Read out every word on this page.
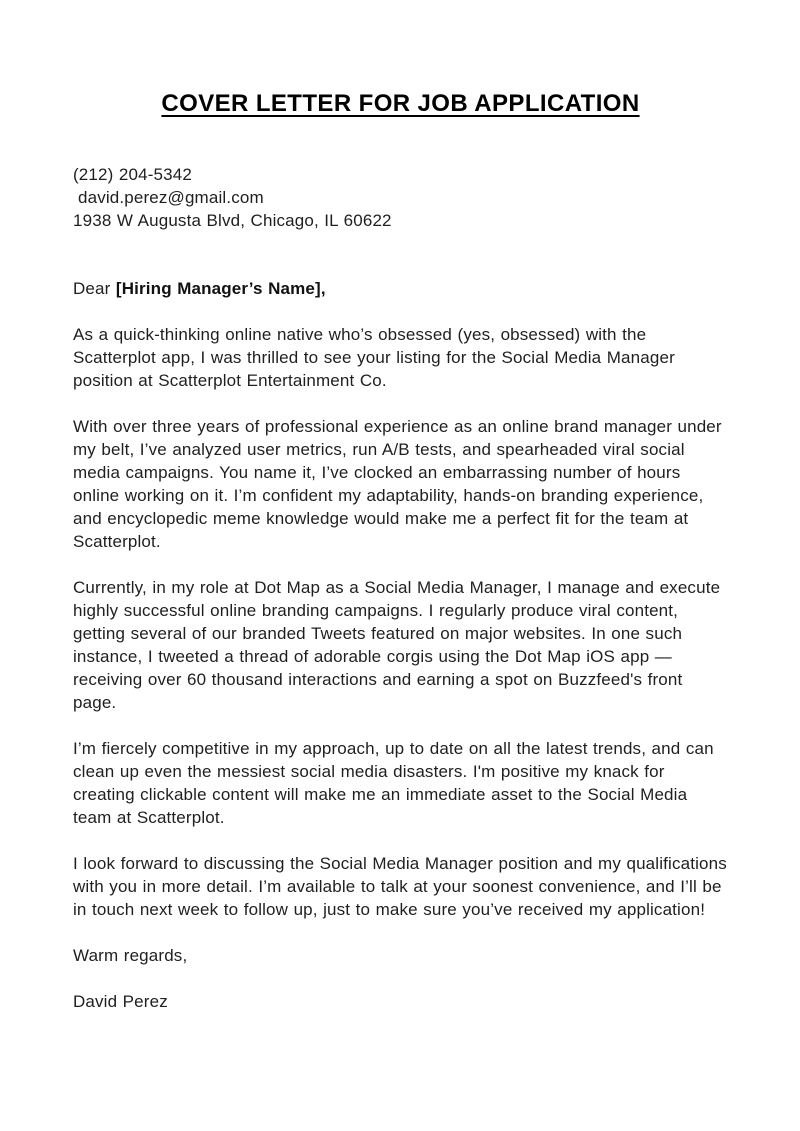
COVER LETTER FOR JOB APPLICATION
(212) 204-5342
david.perez@gmail.com
1938 W Augusta Blvd, Chicago, IL 60622

Dear [Hiring Manager’s Name],

As a quick-thinking online native who’s obsessed (yes, obsessed) with the Scatterplot app, I was thrilled to see your listing for the Social Media Manager position at Scatterplot Entertainment Co.

With over three years of professional experience as an online brand manager under my belt, I’ve analyzed user metrics, run A/B tests, and spearheaded viral social media campaigns. You name it, I’ve clocked an embarrassing number of hours online working on it. I’m confident my adaptability, hands-on branding experience, and encyclopedic meme knowledge would make me a perfect fit for the team at Scatterplot.

Currently, in my role at Dot Map as a Social Media Manager, I manage and execute highly successful online branding campaigns. I regularly produce viral content, getting several of our branded Tweets featured on major websites. In one such instance, I tweeted a thread of adorable corgis using the Dot Map iOS app — receiving over 60 thousand interactions and earning a spot on Buzzfeed's front page.

I’m fiercely competitive in my approach, up to date on all the latest trends, and can clean up even the messiest social media disasters. I'm positive my knack for creating clickable content will make me an immediate asset to the Social Media team at Scatterplot.

I look forward to discussing the Social Media Manager position and my qualifications with you in more detail. I’m available to talk at your soonest convenience, and I’ll be in touch next week to follow up, just to make sure you’ve received my application!

Warm regards,

David Perez
